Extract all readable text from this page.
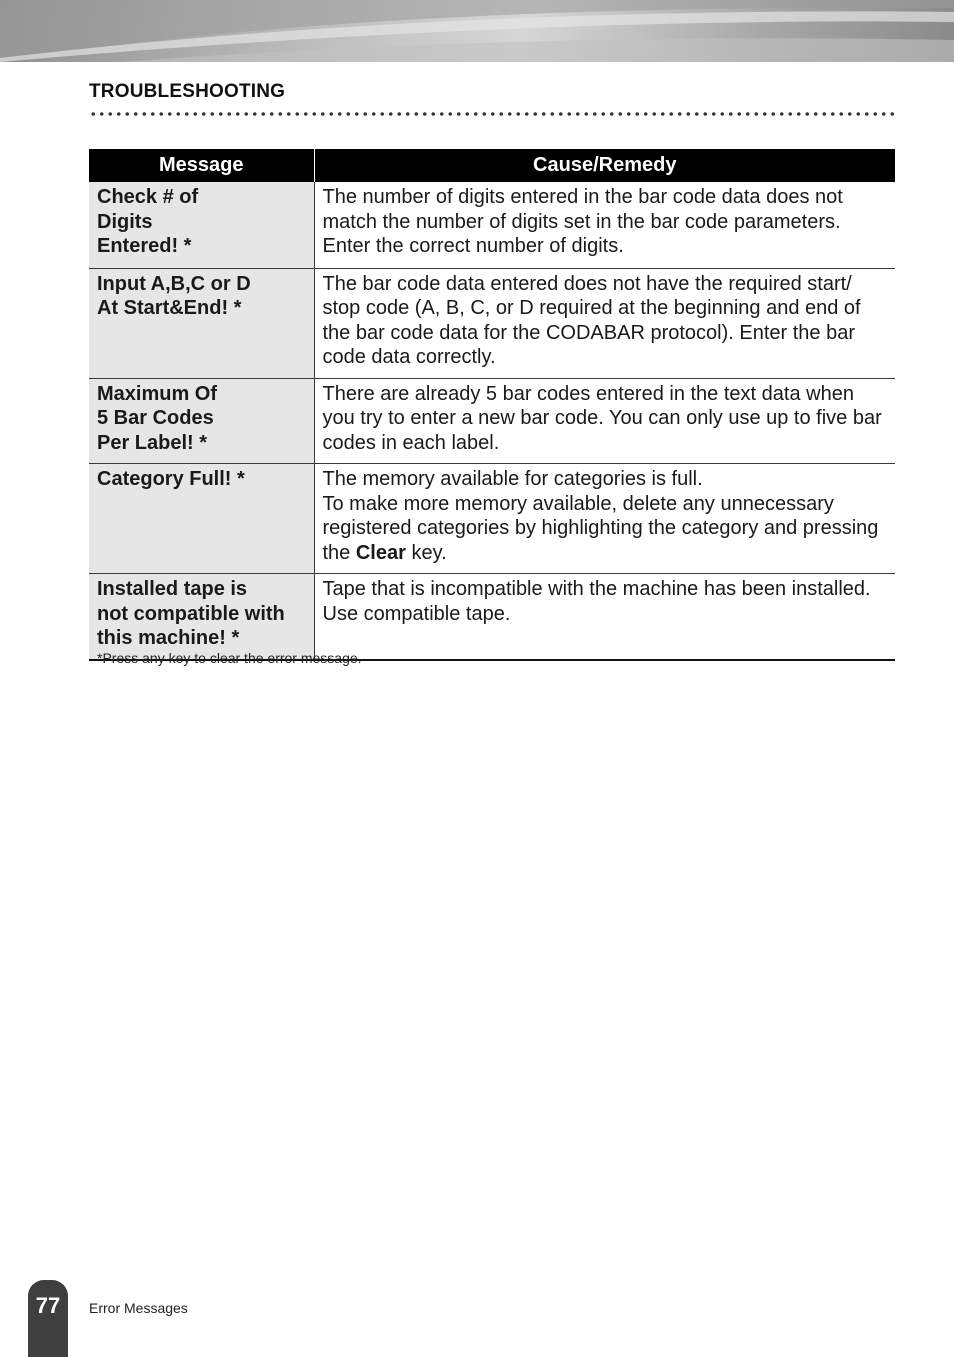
TROUBLESHOOTING
Message	Cause/Remedy
Check # of
Digits
Entered! *	The number of digits entered in the bar code data does not match the number of digits set in the bar code parameters. Enter the correct number of digits.
Input A,B,C or D
At Start&End! *	The bar code data entered does not have the required start/ stop code (A, B, C, or D required at the beginning and end of the bar code data for the CODABAR protocol). Enter the bar code data correctly.
Maximum Of
5 Bar Codes
Per Label! *	There are already 5 bar codes entered in the text data when you try to enter a new bar code. You can only use up to five bar codes in each label.
Category Full! *	The memory available for categories is full.
To make more memory available, delete any unnecessary registered categories by highlighting the category and pressing the Clear key.
Installed tape is
not compatible with
this machine! *	Tape that is incompatible with the machine has been installed. Use compatible tape.
*Press any key to clear the error message.
77	Error Messages
